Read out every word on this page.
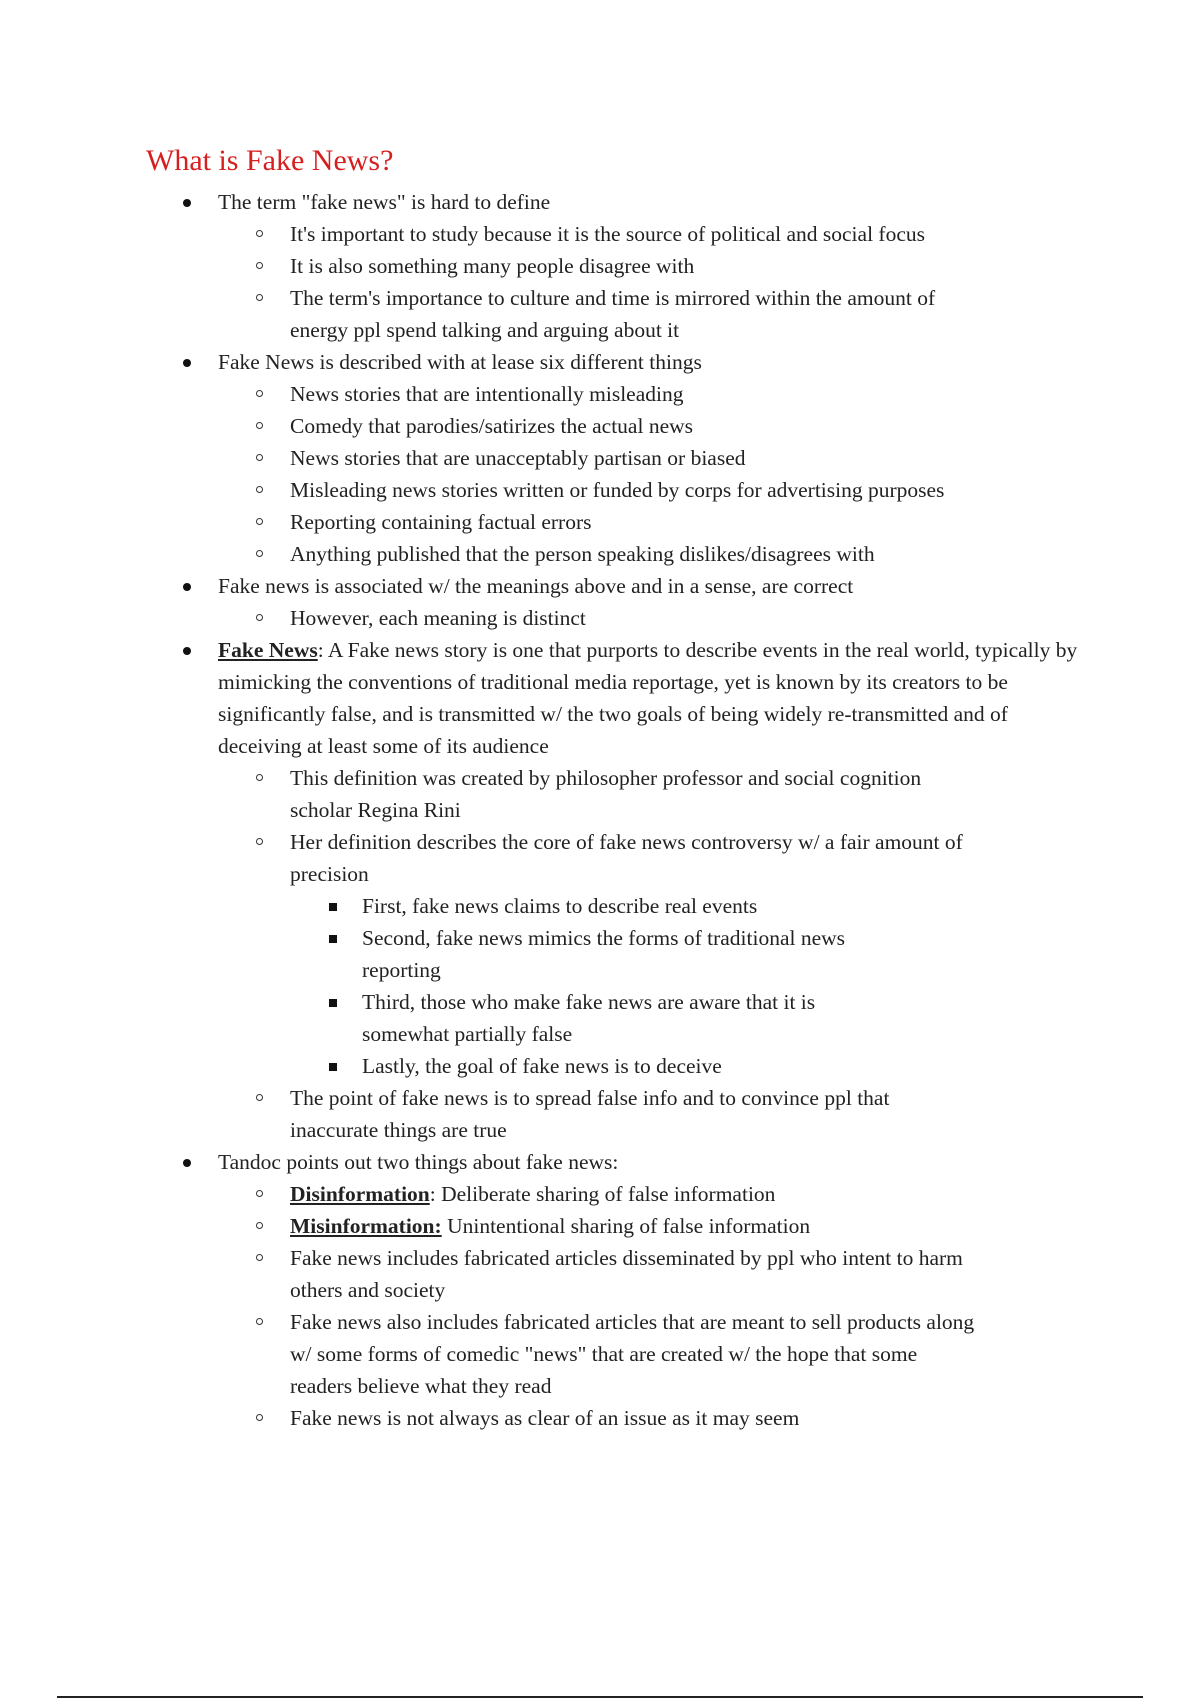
What is Fake News?
The term "fake news" is hard to define
It's important to study because it is the source of political and social focus
It is also something many people disagree with
The term's importance to culture and time is mirrored within the amount of energy ppl spend talking and arguing about it
Fake News is described with at lease six different things
News stories that are intentionally misleading
Comedy that parodies/satirizes the actual news
News stories that are unacceptably partisan or biased
Misleading news stories written or funded by corps for advertising purposes
Reporting containing factual errors
Anything published that the person speaking dislikes/disagrees with
Fake news is associated w/ the meanings above and in a sense, are correct
However, each meaning is distinct
Fake News: A Fake news story is one that purports to describe events in the real world, typically by mimicking the conventions of traditional media reportage, yet is known by its creators to be significantly false, and is transmitted w/ the two goals of being widely re-transmitted and of deceiving at least some of its audience
This definition was created by philosopher professor and social cognition scholar Regina Rini
Her definition describes the core of fake news controversy w/ a fair amount of precision
First, fake news claims to describe real events
Second, fake news mimics the forms of traditional news reporting
Third, those who make fake news are aware that it is somewhat partially false
Lastly, the goal of fake news is to deceive
The point of fake news is to spread false info and to convince ppl that inaccurate things are true
Tandoc points out two things about fake news:
Disinformation: Deliberate sharing of false information
Misinformation: Unintentional sharing of false information
Fake news includes fabricated articles disseminated by ppl who intent to harm others and society
Fake news also includes fabricated articles that are meant to sell products along w/ some forms of comedic "news" that are created w/ the hope that some readers believe what they read
Fake news is not always as clear of an issue as it may seem
